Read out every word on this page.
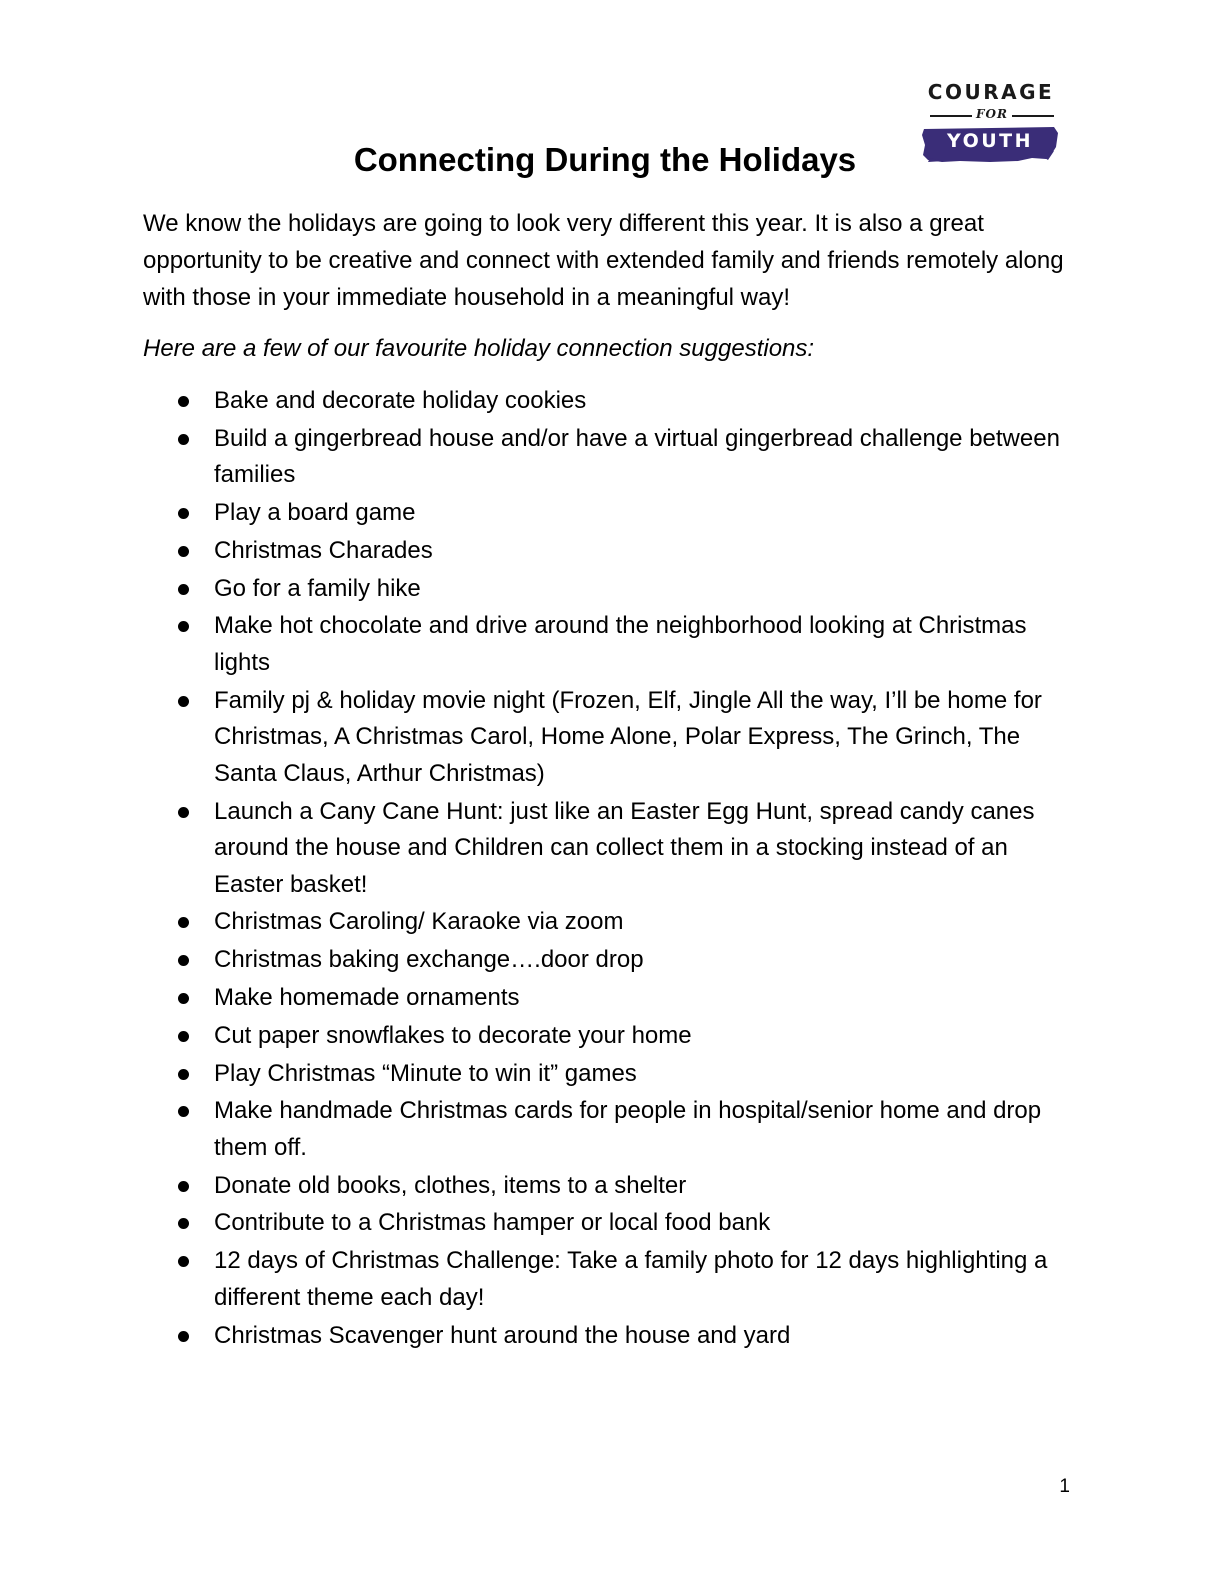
COURAGE
FOR
YOUTH
Connecting During the Holidays

We know the holidays are going to look very different this year. It is also a great opportunity to be creative and connect with extended family and friends remotely along with those in your immediate household in a meaningful way!

Here are a few of our favourite holiday connection suggestions:

Bake and decorate holiday cookies
Build a gingerbread house and/or have a virtual gingerbread challenge between families
Play a board game
Christmas Charades
Go for a family hike
Make hot chocolate and drive around the neighborhood looking at Christmas lights
Family pj & holiday movie night (Frozen, Elf, Jingle All the way, I’ll be home for Christmas, A Christmas Carol, Home Alone, Polar Express, The Grinch, The Santa Claus, Arthur Christmas)
Launch a Cany Cane Hunt: just like an Easter Egg Hunt, spread candy canes around the house and Children can collect them in a stocking instead of an Easter basket!
Christmas Caroling/ Karaoke via zoom
Christmas baking exchange….door drop
Make homemade ornaments
Cut paper snowflakes to decorate your home
Play Christmas “Minute to win it” games
Make handmade Christmas cards for people in hospital/senior home and drop them off.
Donate old books, clothes, items to a shelter
Contribute to a Christmas hamper or local food bank
12 days of Christmas Challenge: Take a family photo for 12 days highlighting a different theme each day!
Christmas Scavenger hunt around the house and yard
1
